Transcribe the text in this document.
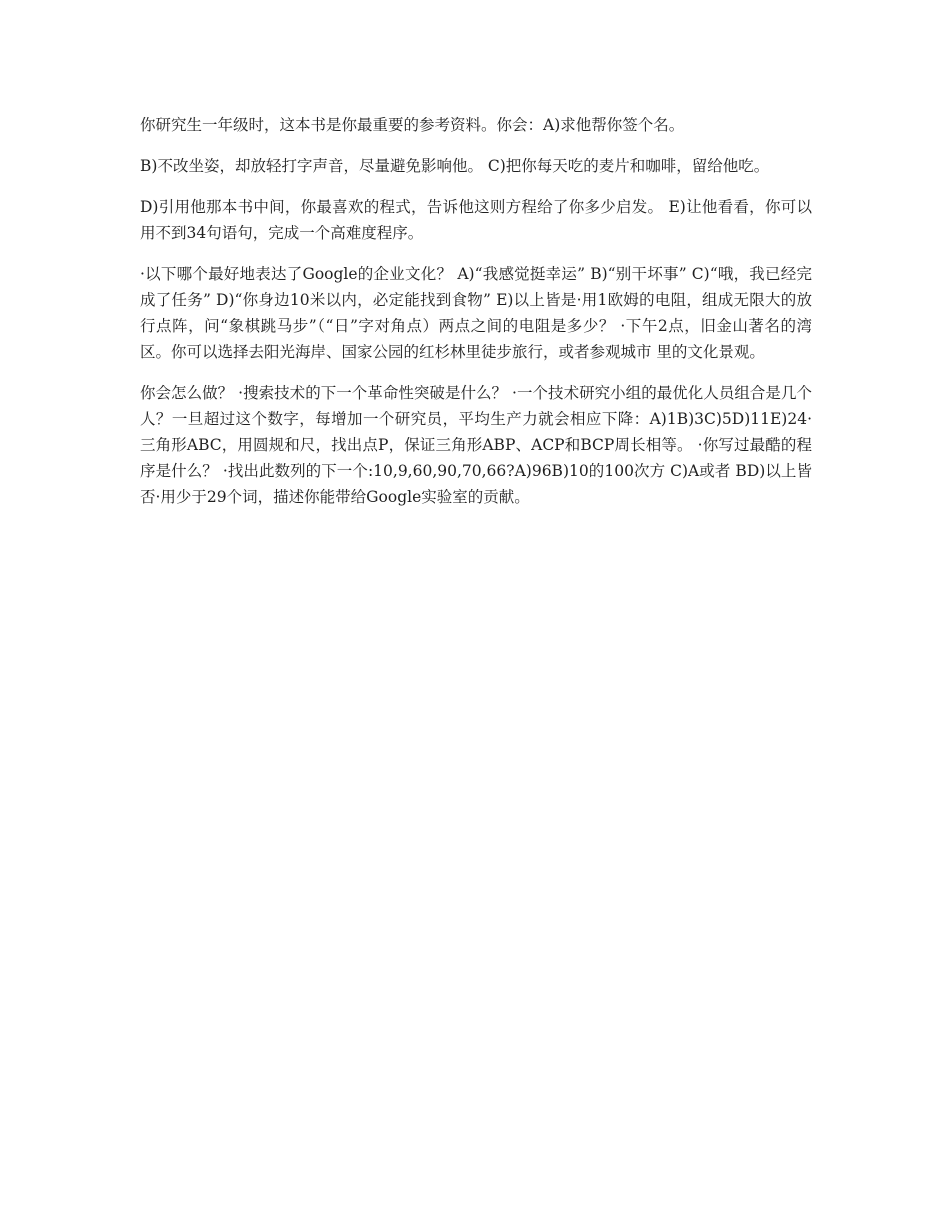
你研究生一年级时，这本书是你最重要的参考资料。你会：A)求他帮你签个名。

B)不改坐姿，却放轻打字声音，尽量避免影响他。 C)把你每天吃的麦片和咖啡，留给他吃。

D)引用他那本书中间，你最喜欢的程式，告诉他这则方程给了你多少启发。 E)让他看看，你可以用不到34句语句，完成一个高难度程序。

·以下哪个最好地表达了Google的企业文化？ A)“我感觉挺幸运” B)“别干坏事” C)“哦，我已经完成了任务” D)“你身边10米以内，必定能找到食物” E)以上皆是·用1欧姆的电阻，组成无限大的放行点阵，问“象棋跳马步”（“日”字对角点）两点之间的电阻是多少？ ·下午2点，旧金山著名的湾区。你可以选择去阳光海岸、国家公园的红杉林里徒步旅行，或者参观城市 里的文化景观。

你会怎么做？ ·搜索技术的下一个革命性突破是什么？ ·一个技术研究小组的最优化人员组合是几个人？一旦超过这个数字，每增加一个研究员，平均生产力就会相应下降：A)1B)3C)5D)11E)24·三角形ABC，用圆规和尺，找出点P，保证三角形ABP、ACP和BCP周长相等。 ·你写过最酷的程序是什么？ ·找出此数列的下一个:10,9,60,90,70,66?A)96B)10的100次方 C)A或者 BD)以上皆否·用少于29个词，描述你能带给Google实验室的贡献。
